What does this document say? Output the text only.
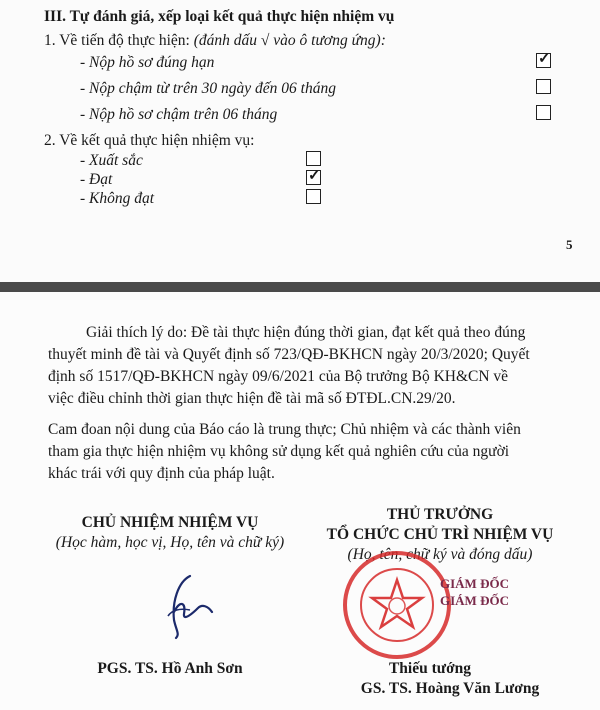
III. Tự đánh giá, xếp loại kết quả thực hiện nhiệm vụ
1. Về tiến độ thực hiện: (đánh dấu √ vào ô tương ứng):
- Nộp hồ sơ đúng hạn	✓
- Nộp chậm từ trên 30 ngày đến 06 tháng
- Nộp hồ sơ chậm trên 06 tháng
2. Về kết quả thực hiện nhiệm vụ:
- Xuất sắc
- Đạt	✓
- Không đạt
5
Giải thích lý do: Đề tài thực hiện đúng thời gian, đạt kết quả theo đúng
thuyết minh đề tài và Quyết định số 723/QĐ-BKHCN ngày 20/3/2020; Quyết
định số 1517/QĐ-BKHCN ngày 09/6/2021 của Bộ trưởng Bộ KH&CN về
việc điều chỉnh thời gian thực hiện đề tài mã số ĐTĐL.CN.29/20.
Cam đoan nội dung của Báo cáo là trung thực; Chủ nhiệm và các thành viên
tham gia thực hiện nhiệm vụ không sử dụng kết quả nghiên cứu của người
khác trái với quy định của pháp luật.
CHỦ NHIỆM NHIỆM VỤ
(Học hàm, học vị, Họ, tên và chữ ký)
PGS. TS. Hồ Anh Sơn
THỦ TRƯỞNG
TỔ CHỨC CHỦ TRÌ NHIỆM VỤ
(Họ, tên, chữ ký và đóng dấu)
GIÁM ĐỐC
GIÁM ĐỐC
Thiếu tướng
GS. TS. Hoàng Văn Lương
